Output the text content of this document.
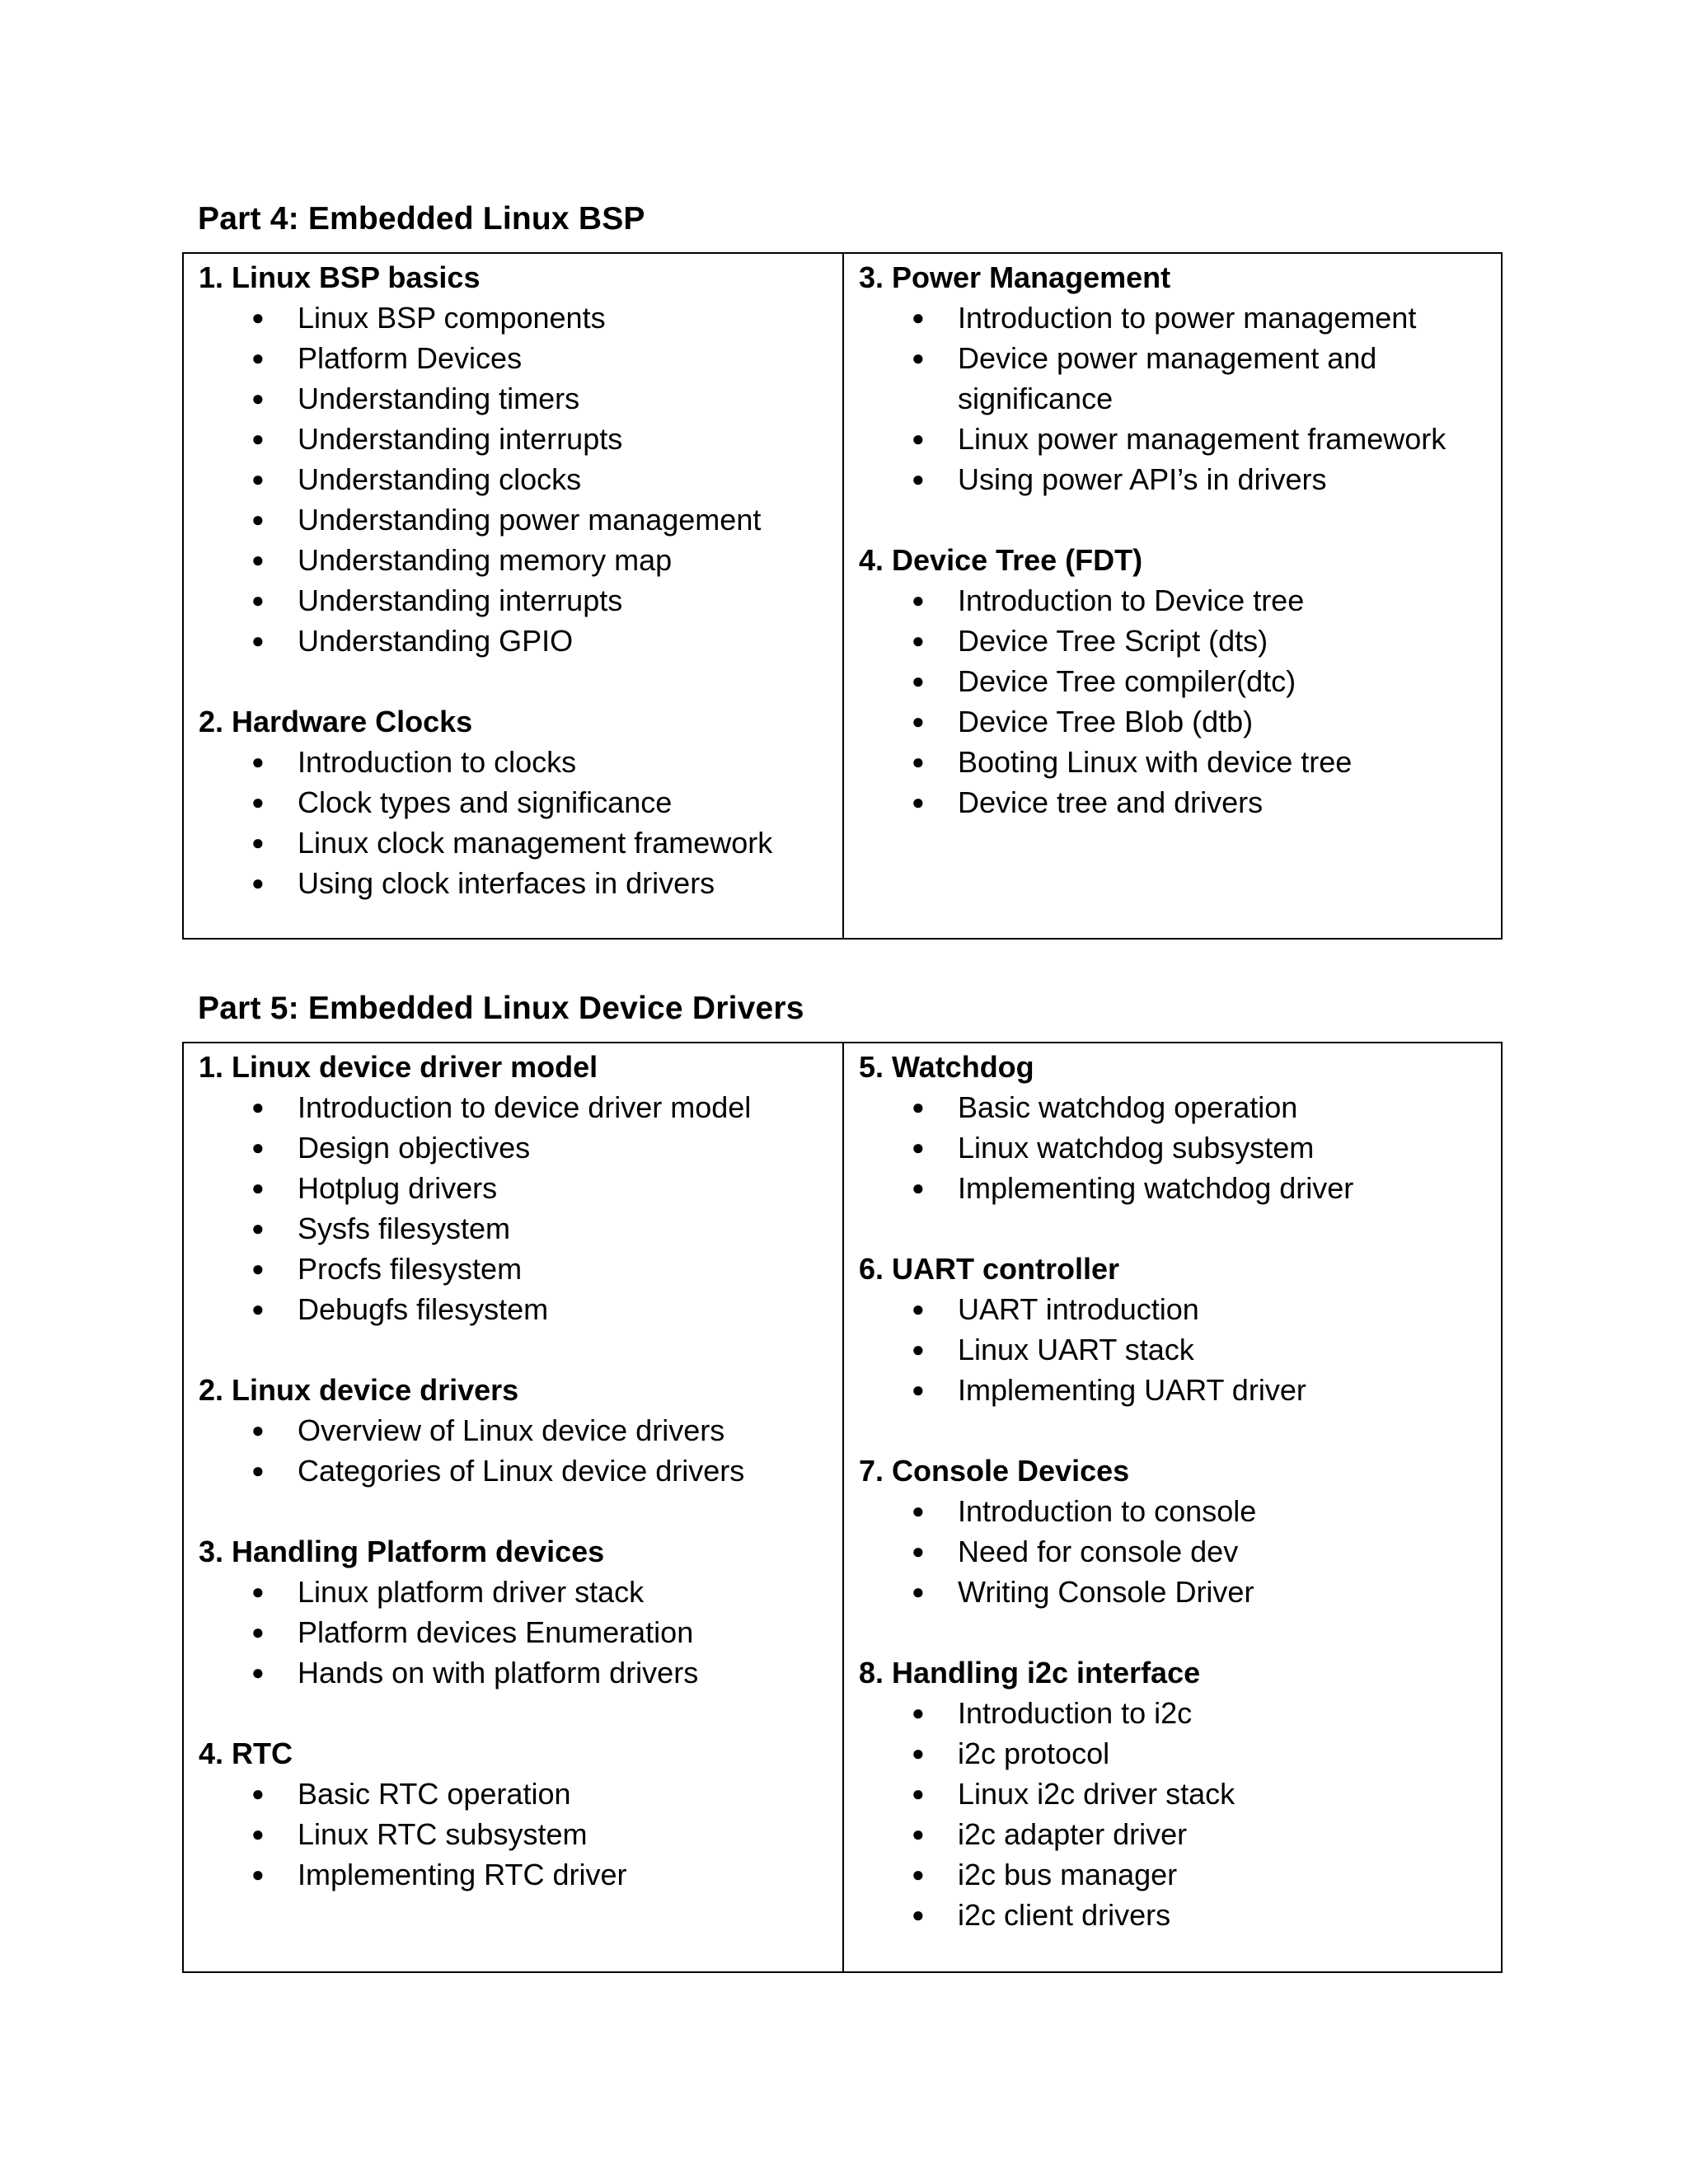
Part 4: Embedded Linux BSP
1. Linux BSP basics
● Linux BSP components
● Platform Devices
● Understanding timers
● Understanding interrupts
● Understanding clocks
● Understanding power management
● Understanding memory map
● Understanding interrupts
● Understanding GPIO
2. Hardware Clocks
● Introduction to clocks
● Clock types and significance
● Linux clock management framework
● Using clock interfaces in drivers
3. Power Management
● Introduction to power management
● Device power management and significance
● Linux power management framework
● Using power API’s in drivers
4. Device Tree (FDT)
● Introduction to Device tree
● Device Tree Script (dts)
● Device Tree compiler(dtc)
● Device Tree Blob (dtb)
● Booting Linux with device tree
● Device tree and drivers
Part 5: Embedded Linux Device Drivers
1. Linux device driver model
● Introduction to device driver model
● Design objectives
● Hotplug drivers
● Sysfs filesystem
● Procfs filesystem
● Debugfs filesystem
2. Linux device drivers
● Overview of Linux device drivers
● Categories of Linux device drivers
3. Handling Platform devices
● Linux platform driver stack
● Platform devices Enumeration
● Hands on with platform drivers
4. RTC
● Basic RTC operation
● Linux RTC subsystem
● Implementing RTC driver
5. Watchdog
● Basic watchdog operation
● Linux watchdog subsystem
● Implementing watchdog driver
6. UART controller
● UART introduction
● Linux UART stack
● Implementing UART driver
7. Console Devices
● Introduction to console
● Need for console dev
● Writing Console Driver
8. Handling i2c interface
● Introduction to i2c
● i2c protocol
● Linux i2c driver stack
● i2c adapter driver
● i2c bus manager
● i2c client drivers
